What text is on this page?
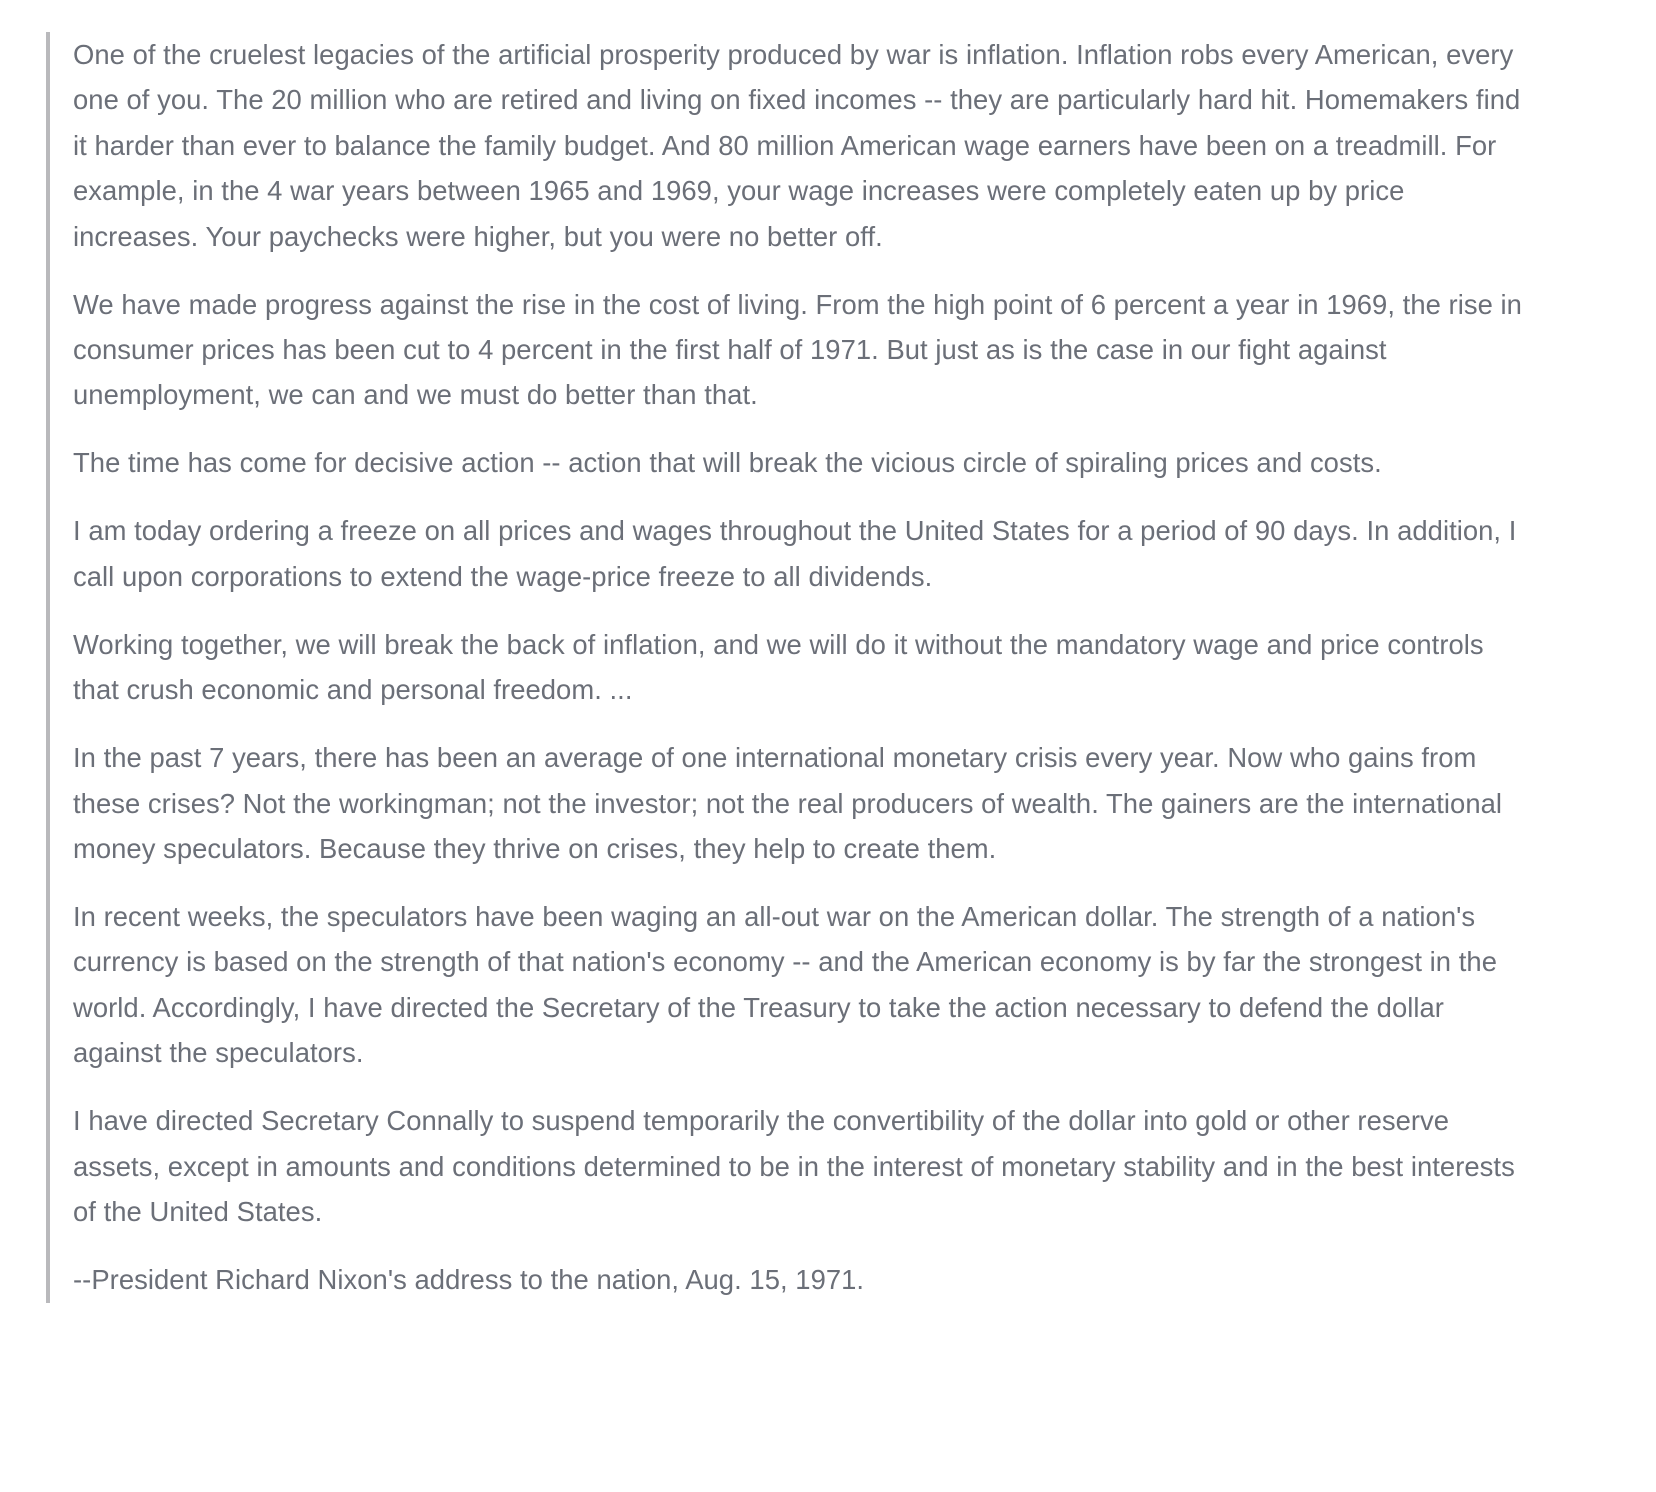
One of the cruelest legacies of the artificial prosperity produced by war is inflation. Inflation robs every American, every one of you. The 20 million who are retired and living on fixed incomes -- they are particularly hard hit. Homemakers find it harder than ever to balance the family budget. And 80 million American wage earners have been on a treadmill. For example, in the 4 war years between 1965 and 1969, your wage increases were completely eaten up by price increases. Your paychecks were higher, but you were no better off.

We have made progress against the rise in the cost of living. From the high point of 6 percent a year in 1969, the rise in consumer prices has been cut to 4 percent in the first half of 1971. But just as is the case in our fight against unemployment, we can and we must do better than that.

The time has come for decisive action -- action that will break the vicious circle of spiraling prices and costs.

I am today ordering a freeze on all prices and wages throughout the United States for a period of 90 days. In addition, I call upon corporations to extend the wage-price freeze to all dividends.

Working together, we will break the back of inflation, and we will do it without the mandatory wage and price controls that crush economic and personal freedom. ...

In the past 7 years, there has been an average of one international monetary crisis every year. Now who gains from these crises? Not the workingman; not the investor; not the real producers of wealth. The gainers are the international money speculators. Because they thrive on crises, they help to create them.

In recent weeks, the speculators have been waging an all-out war on the American dollar. The strength of a nation's currency is based on the strength of that nation's economy -- and the American economy is by far the strongest in the world. Accordingly, I have directed the Secretary of the Treasury to take the action necessary to defend the dollar against the speculators.

I have directed Secretary Connally to suspend temporarily the convertibility of the dollar into gold or other reserve assets, except in amounts and conditions determined to be in the interest of monetary stability and in the best interests of the United States.

--President Richard Nixon's address to the nation, Aug. 15, 1971.
